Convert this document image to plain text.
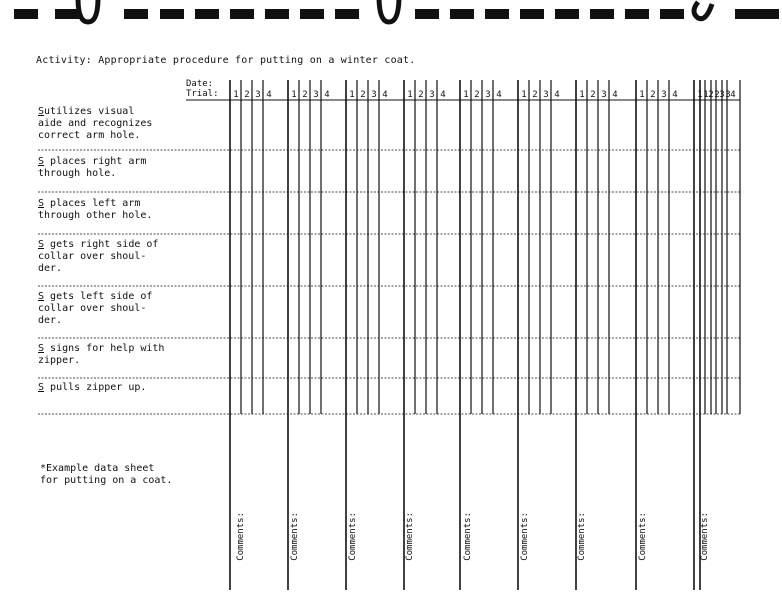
Activity: Appropriate procedure for putting on a winter coat.
Date:
Trial: 1 2 3 4 1 2 3 4 1 2 3 4 1 2 3 4 1 2 3 4 1 2 3 4 1 2 3 4 1 2 3 4 1 2 3 4
1 2 3
Sutilizes visual
aide and recognizes
correct arm hole.
S places right arm
through hole.
S places left arm
through other hole.
S gets right side of
collar over shoul-
der.
S gets left side of
collar over shoul-
der.
S signs for help with
zipper.
S pulls zipper up.
*Example data sheet
for putting on a coat.
Comments:	Comments:	Comments:	Comments:	Comments:	Comments:	Comments:	Comments:	Comments:
